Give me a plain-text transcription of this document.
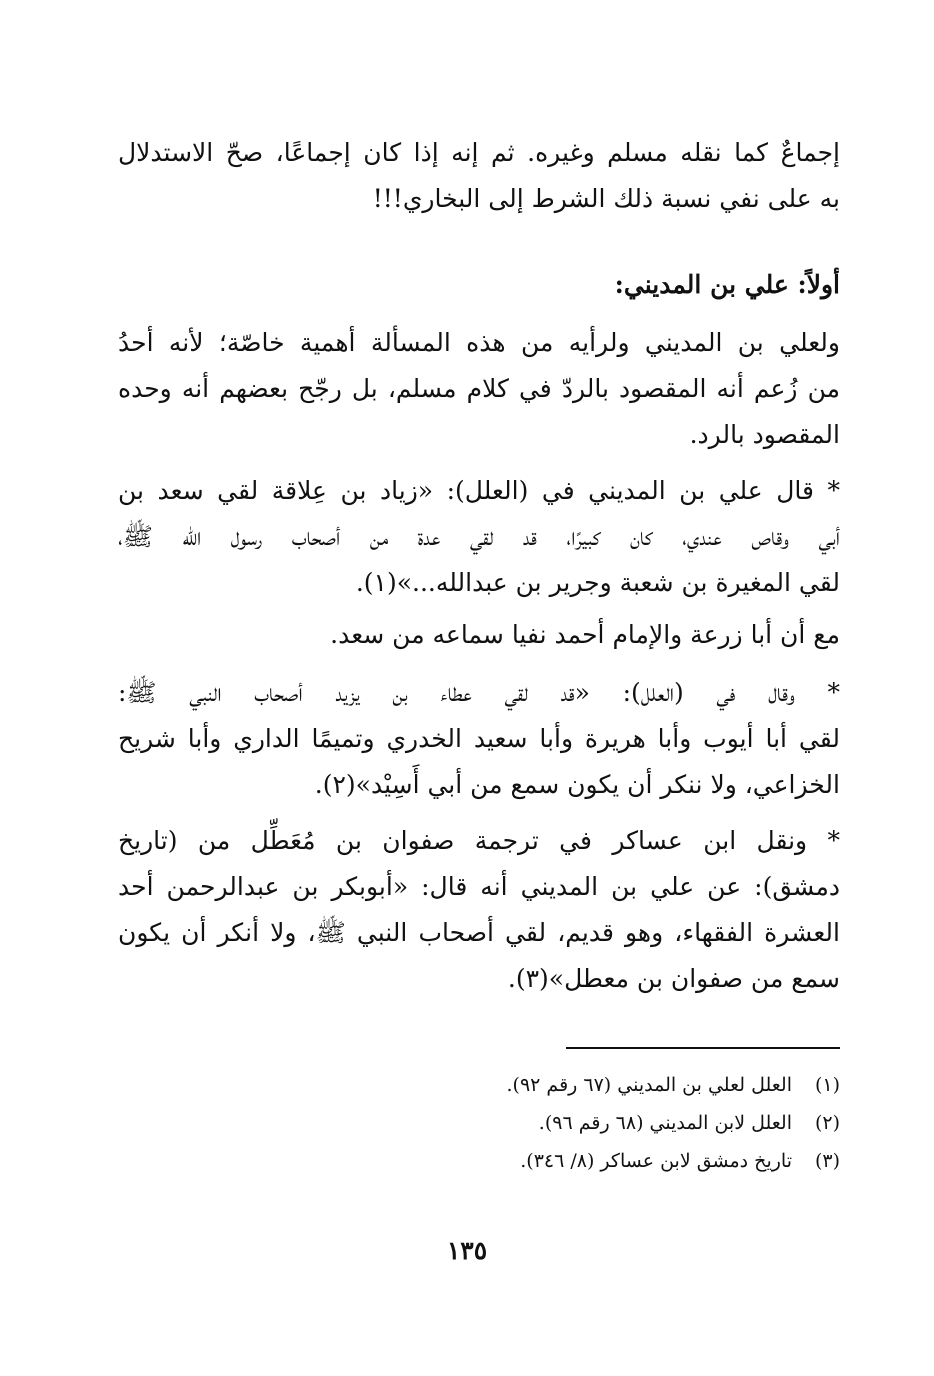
إجماعٌ كما نقله مسلم وغيره. ثم إنه إذا كان إجماعًا، صحّ الاستدلال
به على نفي نسبة ذلك الشرط إلى البخاري!!!
أولاً: علي بن المديني:
ولعلي بن المديني ولرأيه من هذه المسألة أهمية خاصّة؛ لأنه أحدُ
من زُعم أنه المقصود بالردّ في كلام مسلم، بل رجّح بعضهم أنه وحده
المقصود بالرد.
* قال علي بن المديني في (العلل): «زياد بن عِلاقة لقي سعد بن
أبي وقاص عندي، كان كبيرًا، قد لقي عدة من أصحاب رسول الله ﷺ،
لقي المغيرة بن شعبة وجرير بن عبدالله...»(١).
مع أن أبا زرعة والإمام أحمد نفيا سماعه من سعد.
* وقال في (العلل): «قد لقي عطاء بن يزيد أصحاب النبي ﷺ:
لقي أبا أيوب وأبا هريرة وأبا سعيد الخدري وتميمًا الداري وأبا شريح
الخزاعي، ولا ننكر أن يكون سمع من أبي أَسِيْد»(٢).
* ونقل ابن عساكر في ترجمة صفوان بن مُعَطِّل من (تاريخ
دمشق): عن علي بن المديني أنه قال: «أبوبكر بن عبدالرحمن أحد
العشرة الفقهاء، وهو قديم، لقي أصحاب النبي ﷺ، ولا أنكر أن يكون
سمع من صفوان بن معطل»(٣).
(١)العلل لعلي بن المديني (٦٧ رقم ٩٢).
(٢)العلل لابن المديني (٦٨ رقم ٩٦).
(٣)تاريخ دمشق لابن عساكر (٨/ ٣٤٦).
١٣٥
